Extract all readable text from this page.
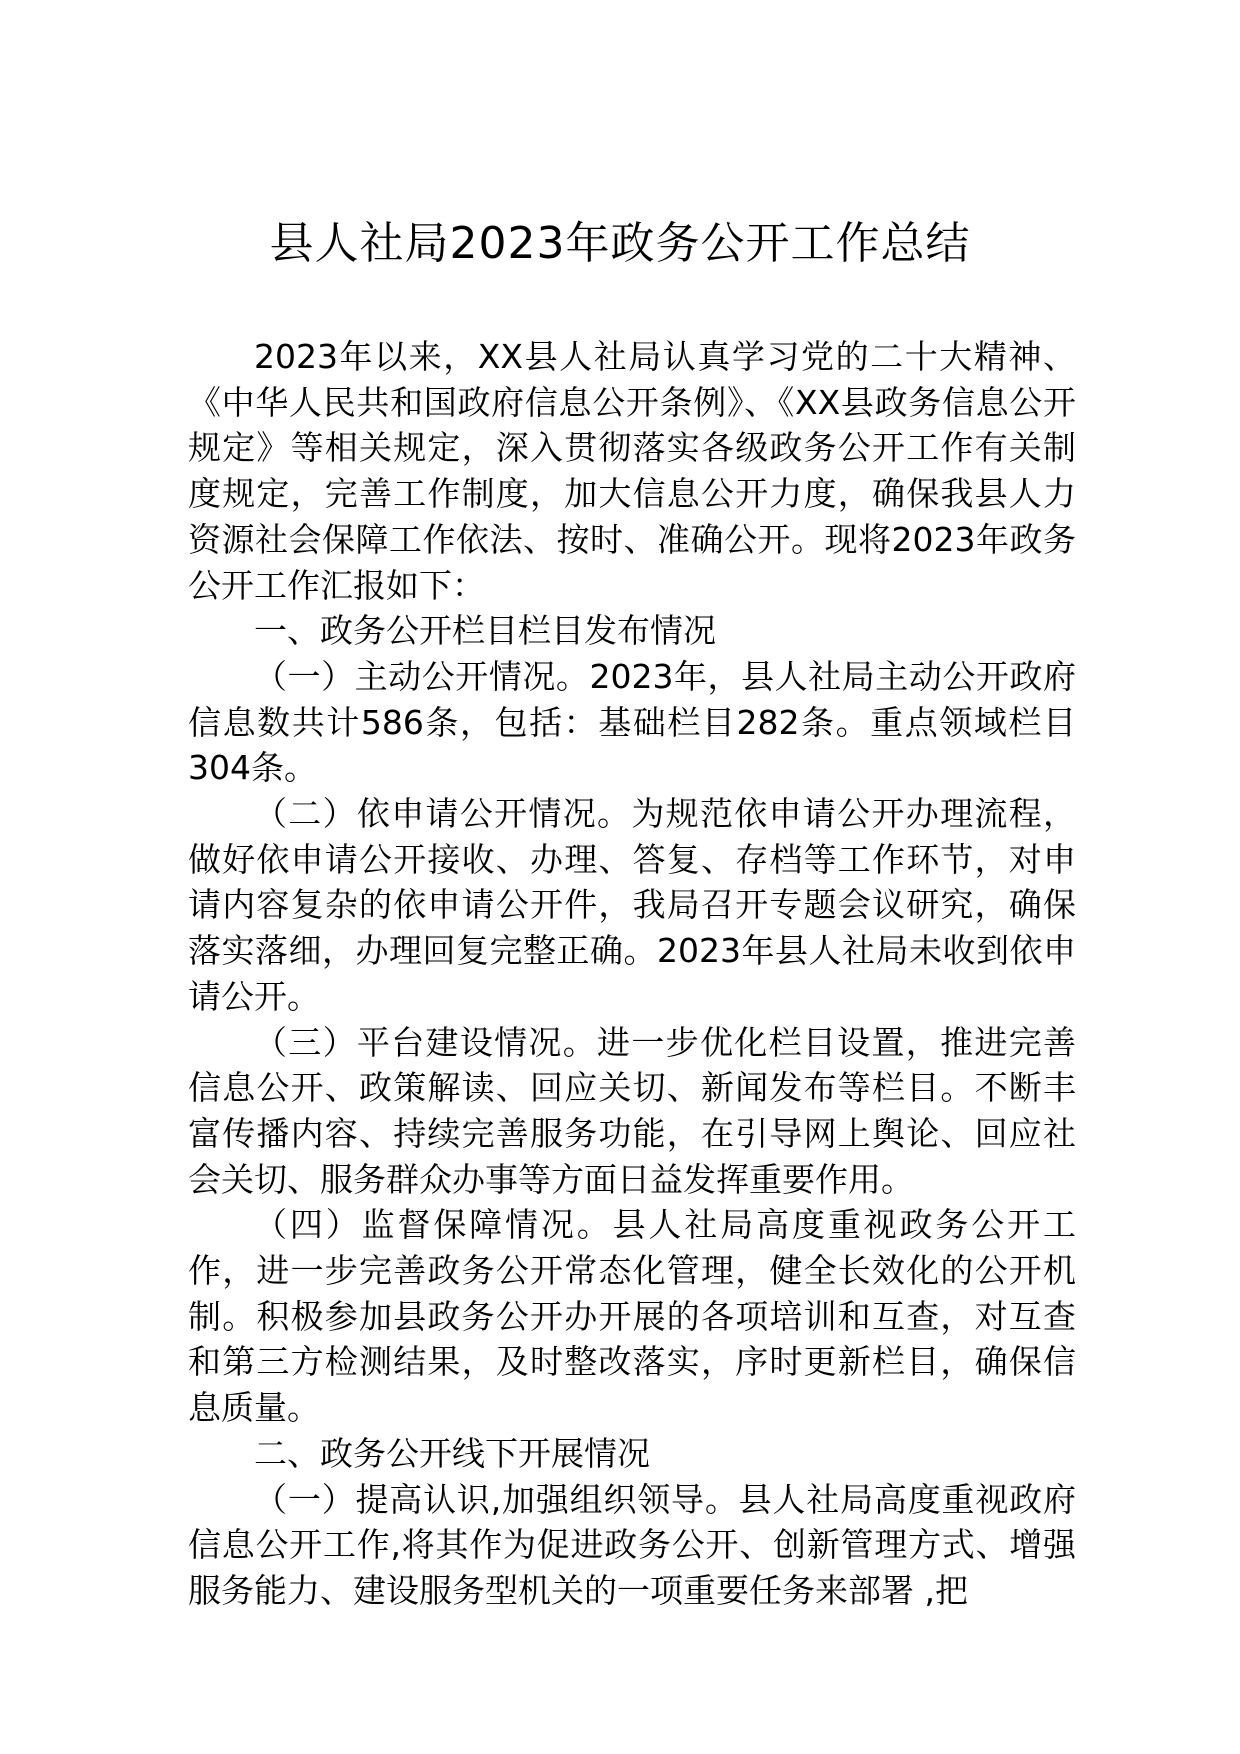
县人社局2023年政务公开工作总结

2023年以来，XX县人社局认真学习党的二十大精神、《中华人民共和国政府信息公开条例》、《XX县政务信息公开规定》等相关规定，深入贯彻落实各级政务公开工作有关制度规定，完善工作制度，加大信息公开力度，确保我县人力资源社会保障工作依法、按时、准确公开。现将2023年政务公开工作汇报如下：

一、政务公开栏目栏目发布情况

（一）主动公开情况。2023年，县人社局主动公开政府信息数共计586条，包括：基础栏目282条。重点领域栏目304条。

（二）依申请公开情况。为规范依申请公开办理流程，做好依申请公开接收、办理、答复、存档等工作环节，对申请内容复杂的依申请公开件，我局召开专题会议研究，确保落实落细，办理回复完整正确。2023年县人社局未收到依申请公开。

（三）平台建设情况。进一步优化栏目设置，推进完善信息公开、政策解读、回应关切、新闻发布等栏目。不断丰富传播内容、持续完善服务功能，在引导网上舆论、回应社会关切、服务群众办事等方面日益发挥重要作用。

（四）监督保障情况。县人社局高度重视政务公开工作，进一步完善政务公开常态化管理，健全长效化的公开机制。积极参加县政务公开办开展的各项培训和互查，对互查和第三方检测结果，及时整改落实，序时更新栏目，确保信息质量。

二、政务公开线下开展情况

（一）提高认识,加强组织领导。县人社局高度重视政府信息公开工作,将其作为促进政务公开、创新管理方式、增强服务能力、建设服务型机关的一项重要任务来部署 ,把
